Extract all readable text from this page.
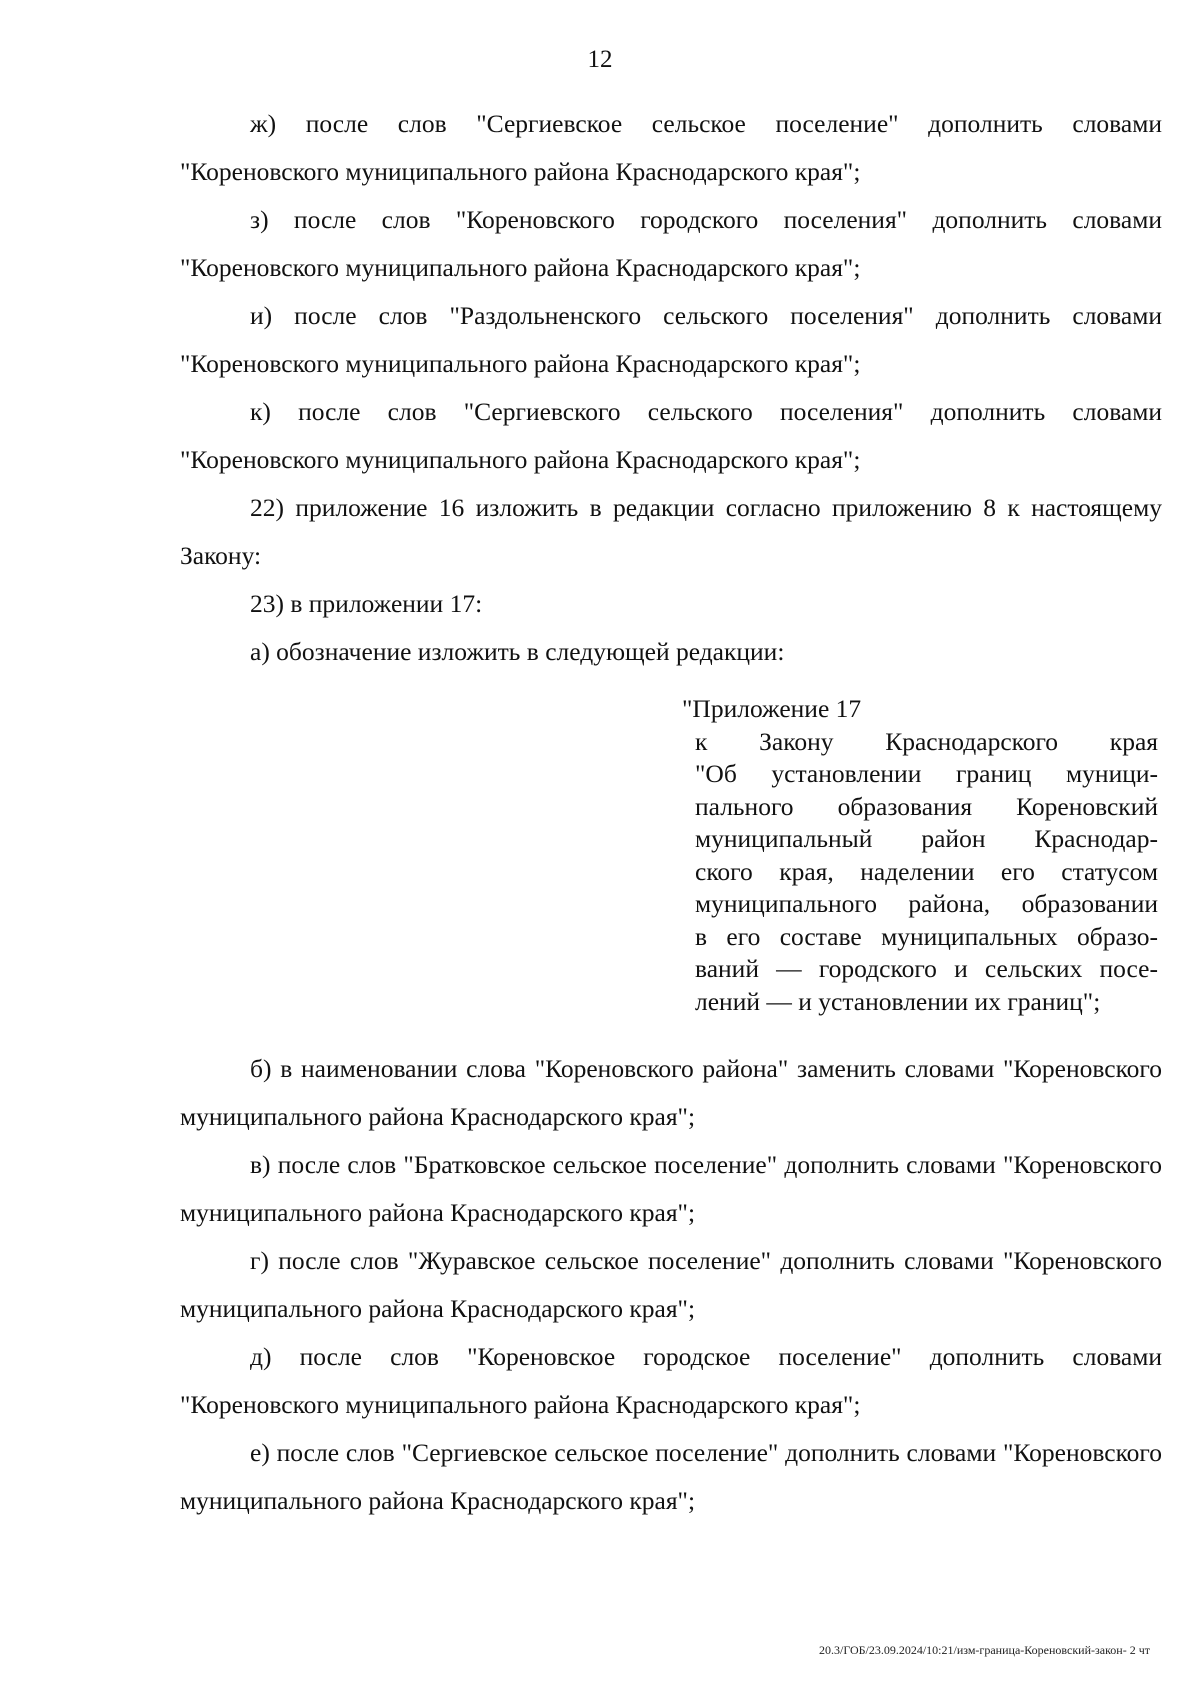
12

ж) после слов "Сергиевское сельское поселение" дополнить словами "Кореновского муниципального района Краснодарского края";

з) после слов "Кореновского городского поселения" дополнить словами "Кореновского муниципального района Краснодарского края";

и) после слов "Раздольненского сельского поселения" дополнить словами "Кореновского муниципального района Краснодарского края";

к) после слов "Сергиевского сельского поселения" дополнить словами "Кореновского муниципального района Краснодарского края";

22) приложение 16 изложить в редакции согласно приложению 8 к настоящему Закону:

23) в приложении 17:

а) обозначение изложить в следующей редакции:

"Приложение 17

к Закону Краснодарского края
"Об установлении границ муници-
пального образования Кореновский
муниципальный район Краснодар-
ского края, наделении его статусом
муниципального района, образовании
в его составе муниципальных образо-
ваний — городского и сельских посе-
лений — и установлении их границ";

б) в наименовании слова "Кореновского района" заменить словами "Кореновского муниципального района Краснодарского края";

в) после слов "Братковское сельское поселение" дополнить словами "Кореновского муниципального района Краснодарского края";

г) после слов "Журавское сельское поселение" дополнить словами "Кореновского муниципального района Краснодарского края";

д) после слов "Кореновское городское поселение" дополнить словами "Кореновского муниципального района Краснодарского края";

е) после слов "Сергиевское сельское поселение" дополнить словами "Кореновского муниципального района Краснодарского края";

20.3/ГОБ/23.09.2024/10:21/изм-граница-Кореновский-закон- 2 чт
